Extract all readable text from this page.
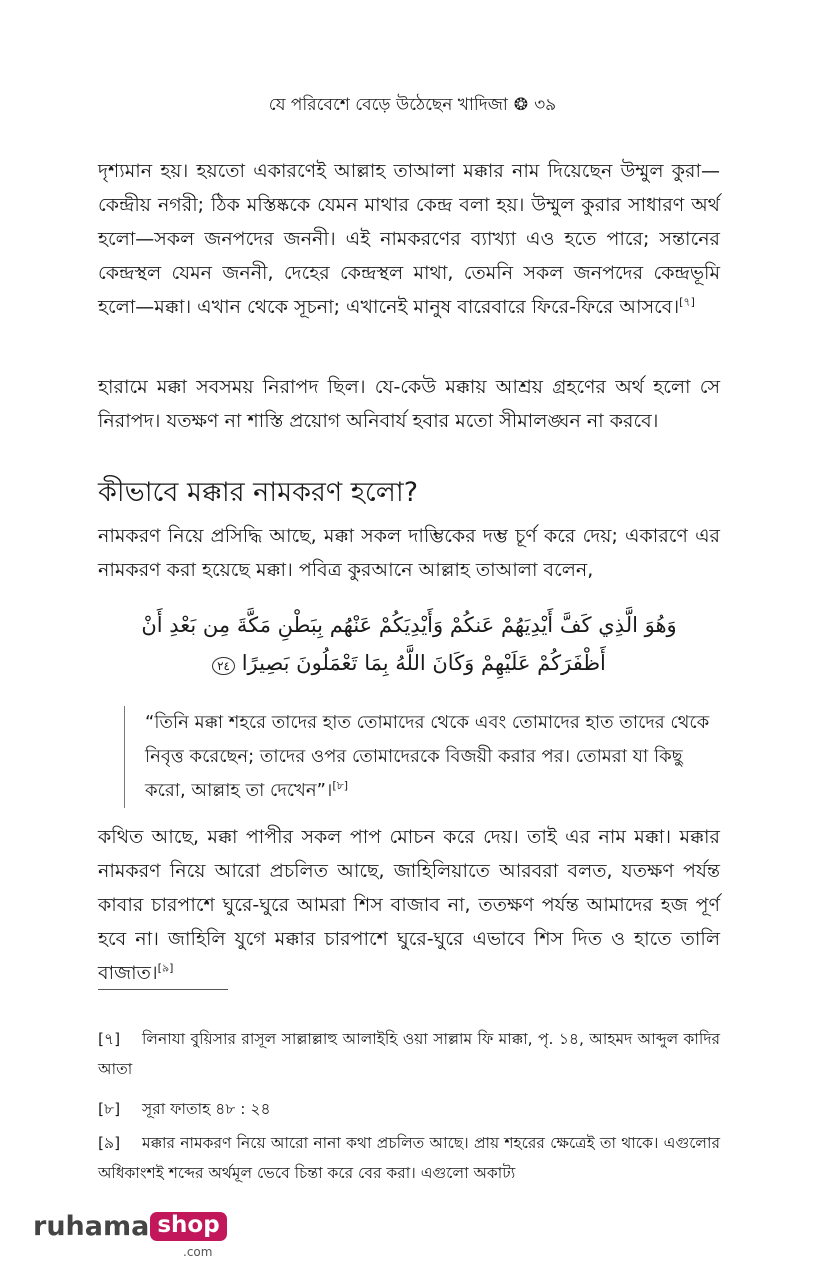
যে পরিবেশে বেড়ে উঠেছেন খাদিজা ❂ ৩৯

দৃশ্যমান হয়। হয়তো একারণেই আল্লাহ তাআলা মক্কার নাম দিয়েছেন উম্মুল কুরা—কেন্দ্রীয় নগরী; ঠিক মস্তিষ্ককে যেমন মাথার কেন্দ্র বলা হয়। উম্মুল কুরার সাধারণ অর্থ হলো—সকল জনপদের জননী। এই নামকরণের ব্যাখ্যা এও হতে পারে; সন্তানের কেন্দ্রস্থল যেমন জননী, দেহের কেন্দ্রস্থল মাথা, তেমনি সকল জনপদের কেন্দ্রভূমি হলো—মক্কা। এখান থেকে সূচনা; এখানেই মানুষ বারেবারে ফিরে-ফিরে আসবে।[৭]

হারামে মক্কা সবসময় নিরাপদ ছিল। যে-কেউ মক্কায় আশ্রয় গ্রহণের অর্থ হলো সে নিরাপদ। যতক্ষণ না শাস্তি প্রয়োগ অনিবার্য হবার মতো সীমালঙ্ঘন না করবে।

কীভাবে মক্কার নামকরণ হলো?

নামকরণ নিয়ে প্রসিদ্ধি আছে, মক্কা সকল দাম্ভিকের দম্ভ চূর্ণ করে দেয়; একারণে এর নামকরণ করা হয়েছে মক্কা। পবিত্র কুরআনে আল্লাহ তাআলা বলেন,

وَهُوَ الَّذِي كَفَّ أَيْدِيَهُمْ عَنكُمْ وَأَيْدِيَكُمْ عَنْهُم بِبَطْنِ مَكَّةَ مِن بَعْدِ أَنْ
أَظْفَرَكُمْ عَلَيْهِمْ وَكَانَ اللَّهُ بِمَا تَعْمَلُونَ بَصِيرًا ٢٤

“তিনি মক্কা শহরে তাদের হাত তোমাদের থেকে এবং তোমাদের হাত তাদের থেকে নিবৃত্ত করেছেন; তাদের ওপর তোমাদেরকে বিজয়ী করার পর। তোমরা যা কিছু করো, আল্লাহ তা দেখেন”।[৮]

কথিত আছে, মক্কা পাপীর সকল পাপ মোচন করে দেয়। তাই এর নাম মক্কা। মক্কার নামকরণ নিয়ে আরো প্রচলিত আছে, জাহিলিয়াতে আরবরা বলত, যতক্ষণ পর্যন্ত কাবার চারপাশে ঘুরে-ঘুরে আমরা শিস বাজাব না, ততক্ষণ পর্যন্ত আমাদের হজ পূর্ণ হবে না। জাহিলি যুগে মক্কার চারপাশে ঘুরে-ঘুরে এভাবে শিস দিত ও হাতে তালি বাজাত।[৯]

[৭] লিনাযা বুয়িসার রাসূল সাল্লাল্লাহু আলাইহি ওয়া সাল্লাম ফি মাক্কা, পৃ. ১৪, আহমদ আব্দুল কাদির আতা

[৮] সূরা ফাতাহ ৪৮ : ২৪

[৯] মক্কার নামকরণ নিয়ে আরো নানা কথা প্রচলিত আছে। প্রায় শহরের ক্ষেত্রেই তা থাকে। এগুলোর অধিকাংশই শব্দের অর্থমূল ভেবে চিন্তা করে বের করা। এগুলো অকাট্য

ruhama shop
.com
